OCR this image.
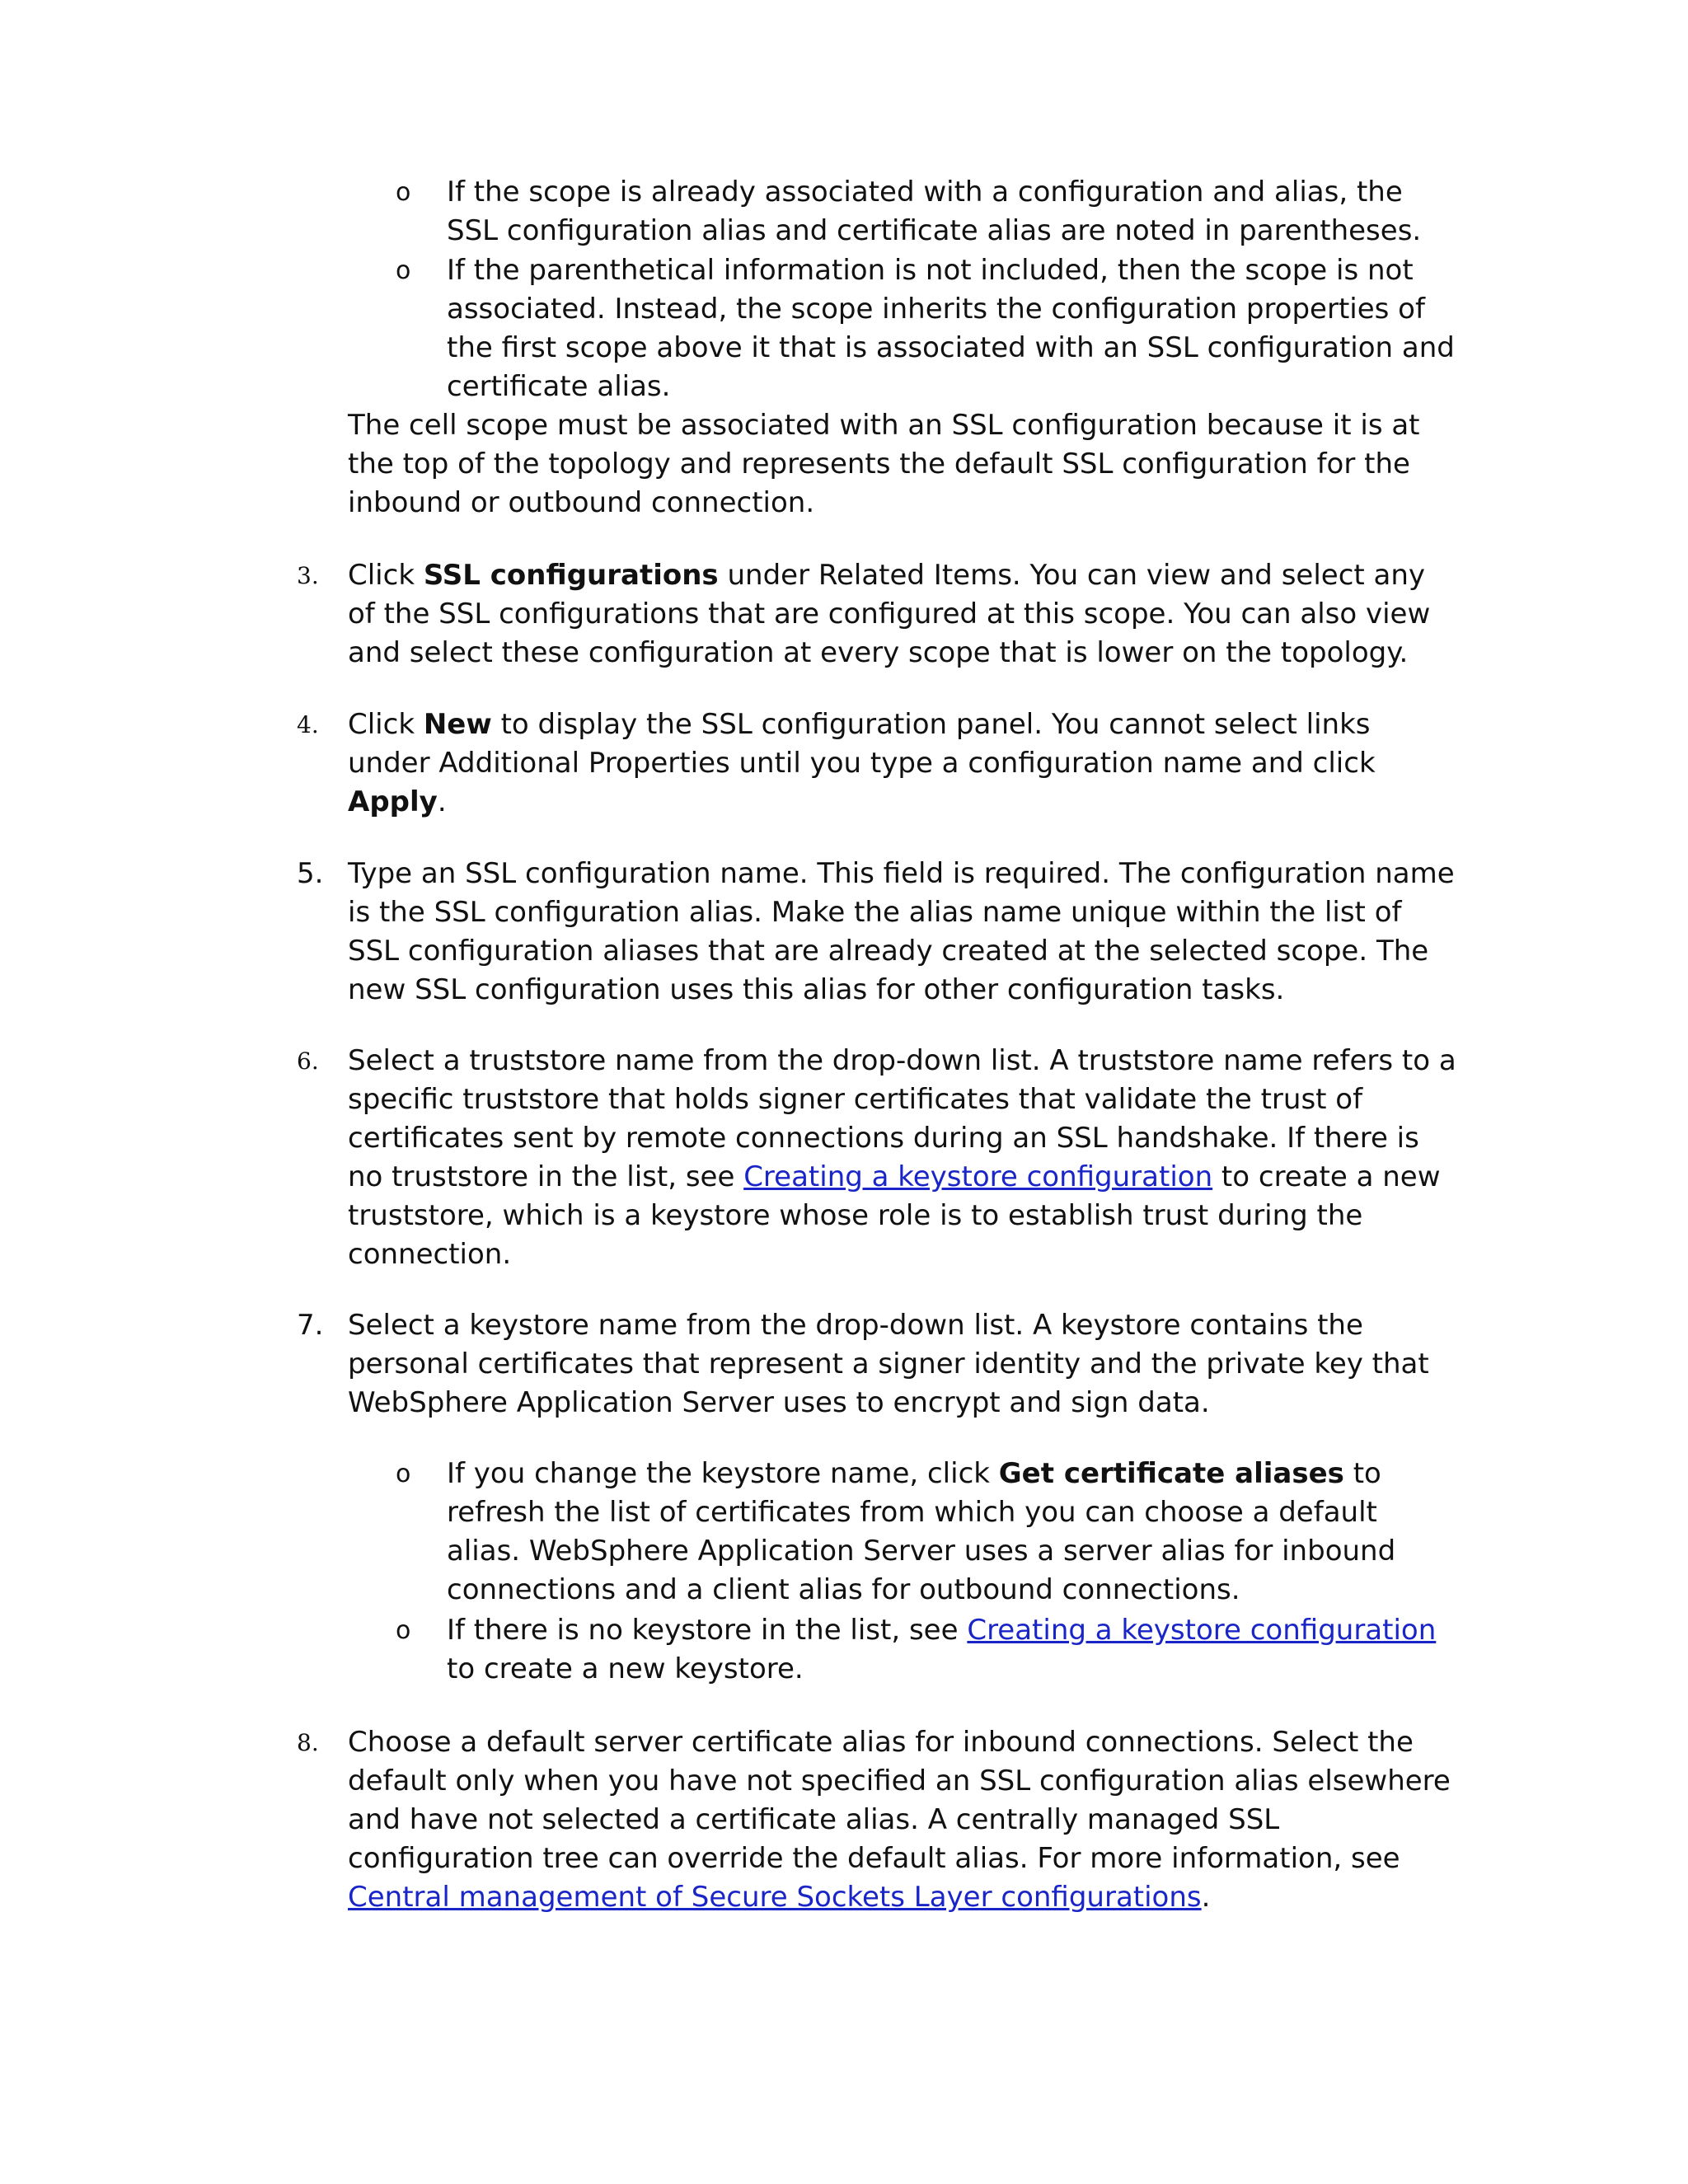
o If the scope is already associated with a configuration and alias, the SSL configuration alias and certificate alias are noted in parentheses.

o If the parenthetical information is not included, then the scope is not associated. Instead, the scope inherits the configuration properties of the first scope above it that is associated with an SSL configuration and certificate alias.

The cell scope must be associated with an SSL configuration because it is at the top of the topology and represents the default SSL configuration for the inbound or outbound connection.

3. Click SSL configurations under Related Items. You can view and select any of the SSL configurations that are configured at this scope. You can also view and select these configuration at every scope that is lower on the topology.

4. Click New to display the SSL configuration panel. You cannot select links under Additional Properties until you type a configuration name and click Apply.

5. Type an SSL configuration name. This field is required. The configuration name is the SSL configuration alias. Make the alias name unique within the list of SSL configuration aliases that are already created at the selected scope. The new SSL configuration uses this alias for other configuration tasks.

6. Select a truststore name from the drop-down list. A truststore name refers to a specific truststore that holds signer certificates that validate the trust of certificates sent by remote connections during an SSL handshake. If there is no truststore in the list, see Creating a keystore configuration to create a new truststore, which is a keystore whose role is to establish trust during the connection.

7. Select a keystore name from the drop-down list. A keystore contains the personal certificates that represent a signer identity and the private key that WebSphere Application Server uses to encrypt and sign data.

o If you change the keystore name, click Get certificate aliases to refresh the list of certificates from which you can choose a default alias. WebSphere Application Server uses a server alias for inbound connections and a client alias for outbound connections.

o If there is no keystore in the list, see Creating a keystore configuration to create a new keystore.

8. Choose a default server certificate alias for inbound connections. Select the default only when you have not specified an SSL configuration alias elsewhere and have not selected a certificate alias. A centrally managed SSL configuration tree can override the default alias. For more information, see Central management of Secure Sockets Layer configurations.
